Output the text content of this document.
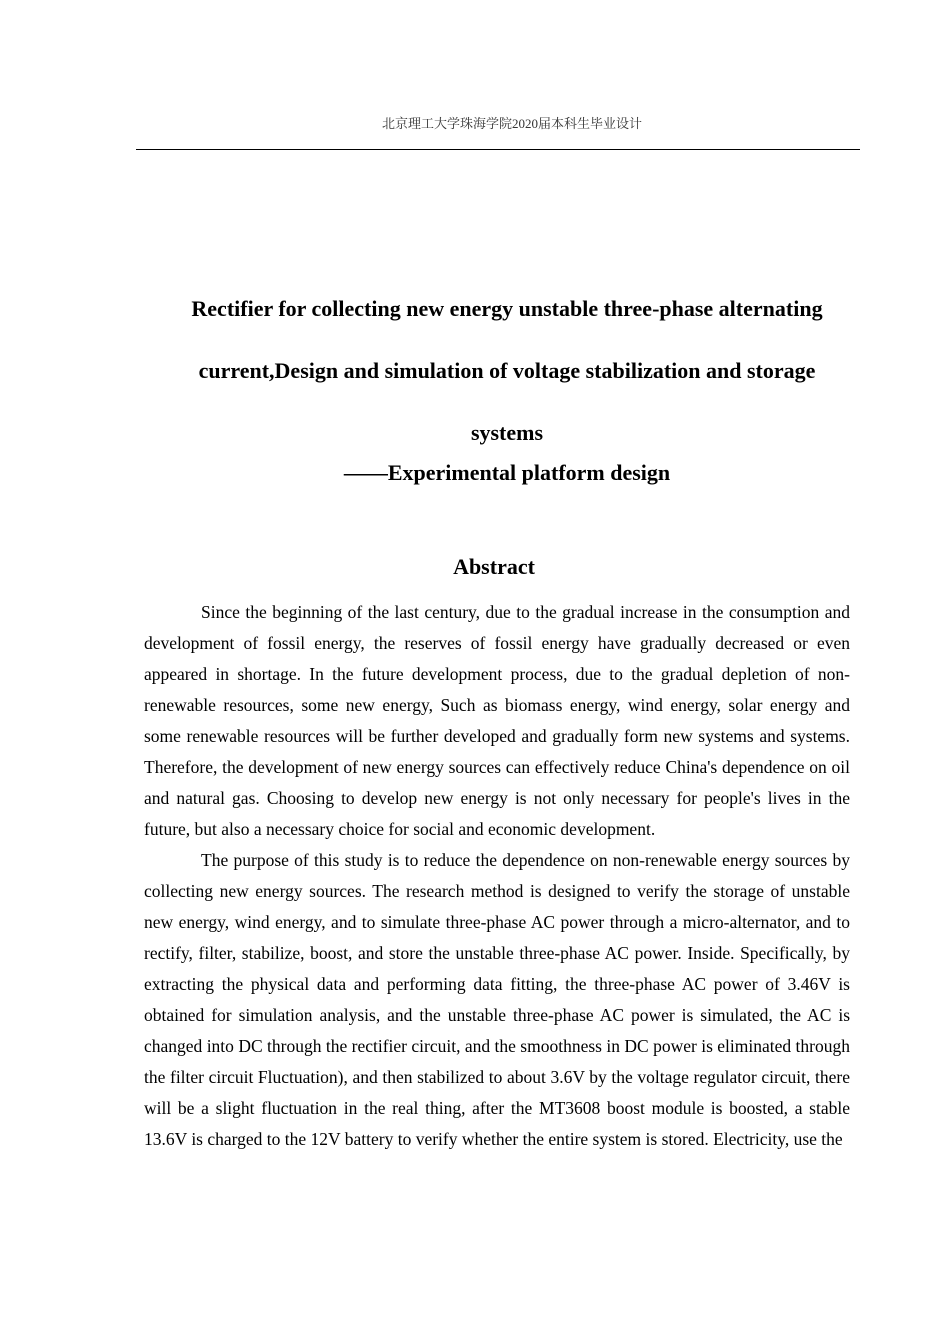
北京理工大学珠海学院2020届本科生毕业设计
Rectifier for collecting new energy unstable three-phase alternating
current,Design and simulation of voltage stabilization and storage
systems
——Experimental platform design
Abstract

Since the beginning of the last century, due to the gradual increase in the consumption and development of fossil energy, the reserves of fossil energy have gradually decreased or even appeared in shortage. In the future development process, due to the gradual depletion of non-renewable resources, some new energy, Such as biomass energy, wind energy, solar energy and some renewable resources will be further developed and gradually form new systems and systems. Therefore, the development of new energy sources can effectively reduce China's dependence on oil and natural gas. Choosing to develop new energy is not only necessary for people's lives in the future, but also a necessary choice for social and economic development.

The purpose of this study is to reduce the dependence on non-renewable energy sources by collecting new energy sources. The research method is designed to verify the storage of unstable new energy, wind energy, and to simulate three-phase AC power through a micro-alternator, and to rectify, filter, stabilize, boost, and store the unstable three-phase AC power. Inside. Specifically, by extracting the physical data and performing data fitting, the three-phase AC power of 3.46V is obtained for simulation analysis, and the unstable three-phase AC power is simulated, the AC is changed into DC through the rectifier circuit, and the smoothness in DC power is eliminated through the filter circuit Fluctuation), and then stabilized to about 3.6V by the voltage regulator circuit, there will be a slight fluctuation in the real thing, after the MT3608 boost module is boosted, a stable 13.6V is charged to the 12V battery to verify whether the entire system is stored. Electricity, use the
